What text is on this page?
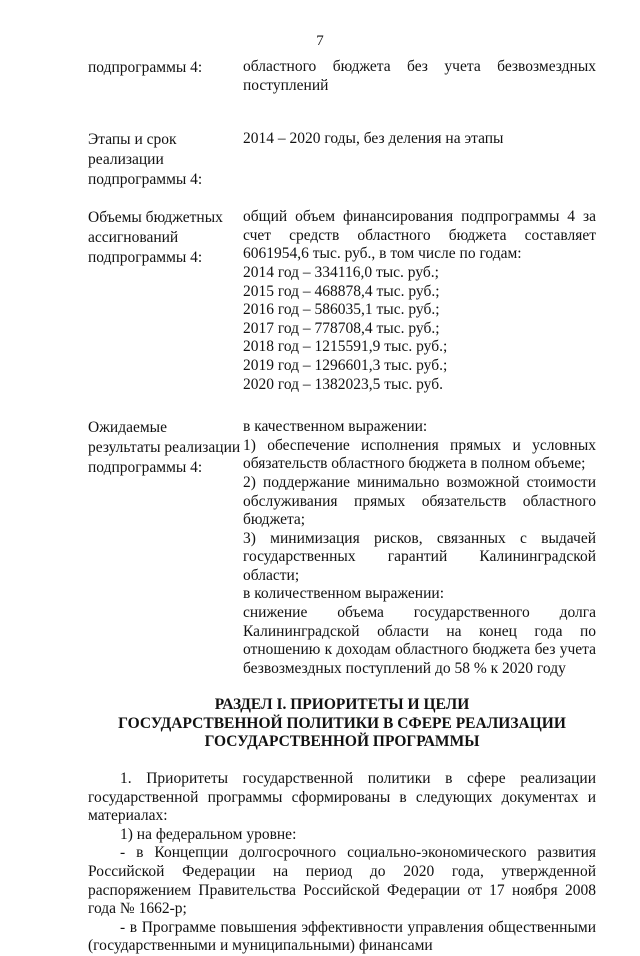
7
подпрограммы 4:	областного бюджета без учета безвозмездных поступлений

Этапы и срок реализации подпрограммы 4:

2014 – 2020 годы, без деления на этапы

Объемы бюджетных ассигнований подпрограммы 4:

общий объем финансирования подпрограммы 4 за счет средств областного бюджета составляет 6061954,6 тыс. руб., в том числе по годам:

2014 год – 334116,0 тыс. руб.;

2015 год – 468878,4 тыс. руб.;

2016 год – 586035,1 тыс. руб.;

2017 год – 778708,4 тыс. руб.;

2018 год – 1215591,9 тыс. руб.;

2019 год – 1296601,3 тыс. руб.;

2020 год – 1382023,5 тыс. руб.

Ожидаемые результаты реализации подпрограммы 4:

в качественном выражении:

1) обеспечение исполнения прямых и условных обязательств областного бюджета в полном объеме;

2) поддержание минимально возможной стоимости обслуживания прямых обязательств областного бюджета;

3) минимизация рисков, связанных с выдачей государственных гарантий Калининградской области;

в количественном выражении:

снижение объема государственного долга Калининградской области на конец года по отношению к доходам областного бюджета без учета безвозмездных поступлений до 58 % к 2020 году

РАЗДЕЛ I. ПРИОРИТЕТЫ И ЦЕЛИ
ГОСУДАРСТВЕННОЙ ПОЛИТИКИ В СФЕРЕ РЕАЛИЗАЦИИ
ГОСУДАРСТВЕННОЙ ПРОГРАММЫ

1. Приоритеты государственной политики в сфере реализации государственной программы сформированы в следующих документах и материалах:

1) на федеральном уровне:

- в Концепции долгосрочного социально-экономического развития Российской Федерации на период до 2020 года, утвержденной распоряжением Правительства Российской Федерации от 17 ноября 2008 года № 1662-р;

- в Программе повышения эффективности управления общественными (государственными и муниципальными) финансами
